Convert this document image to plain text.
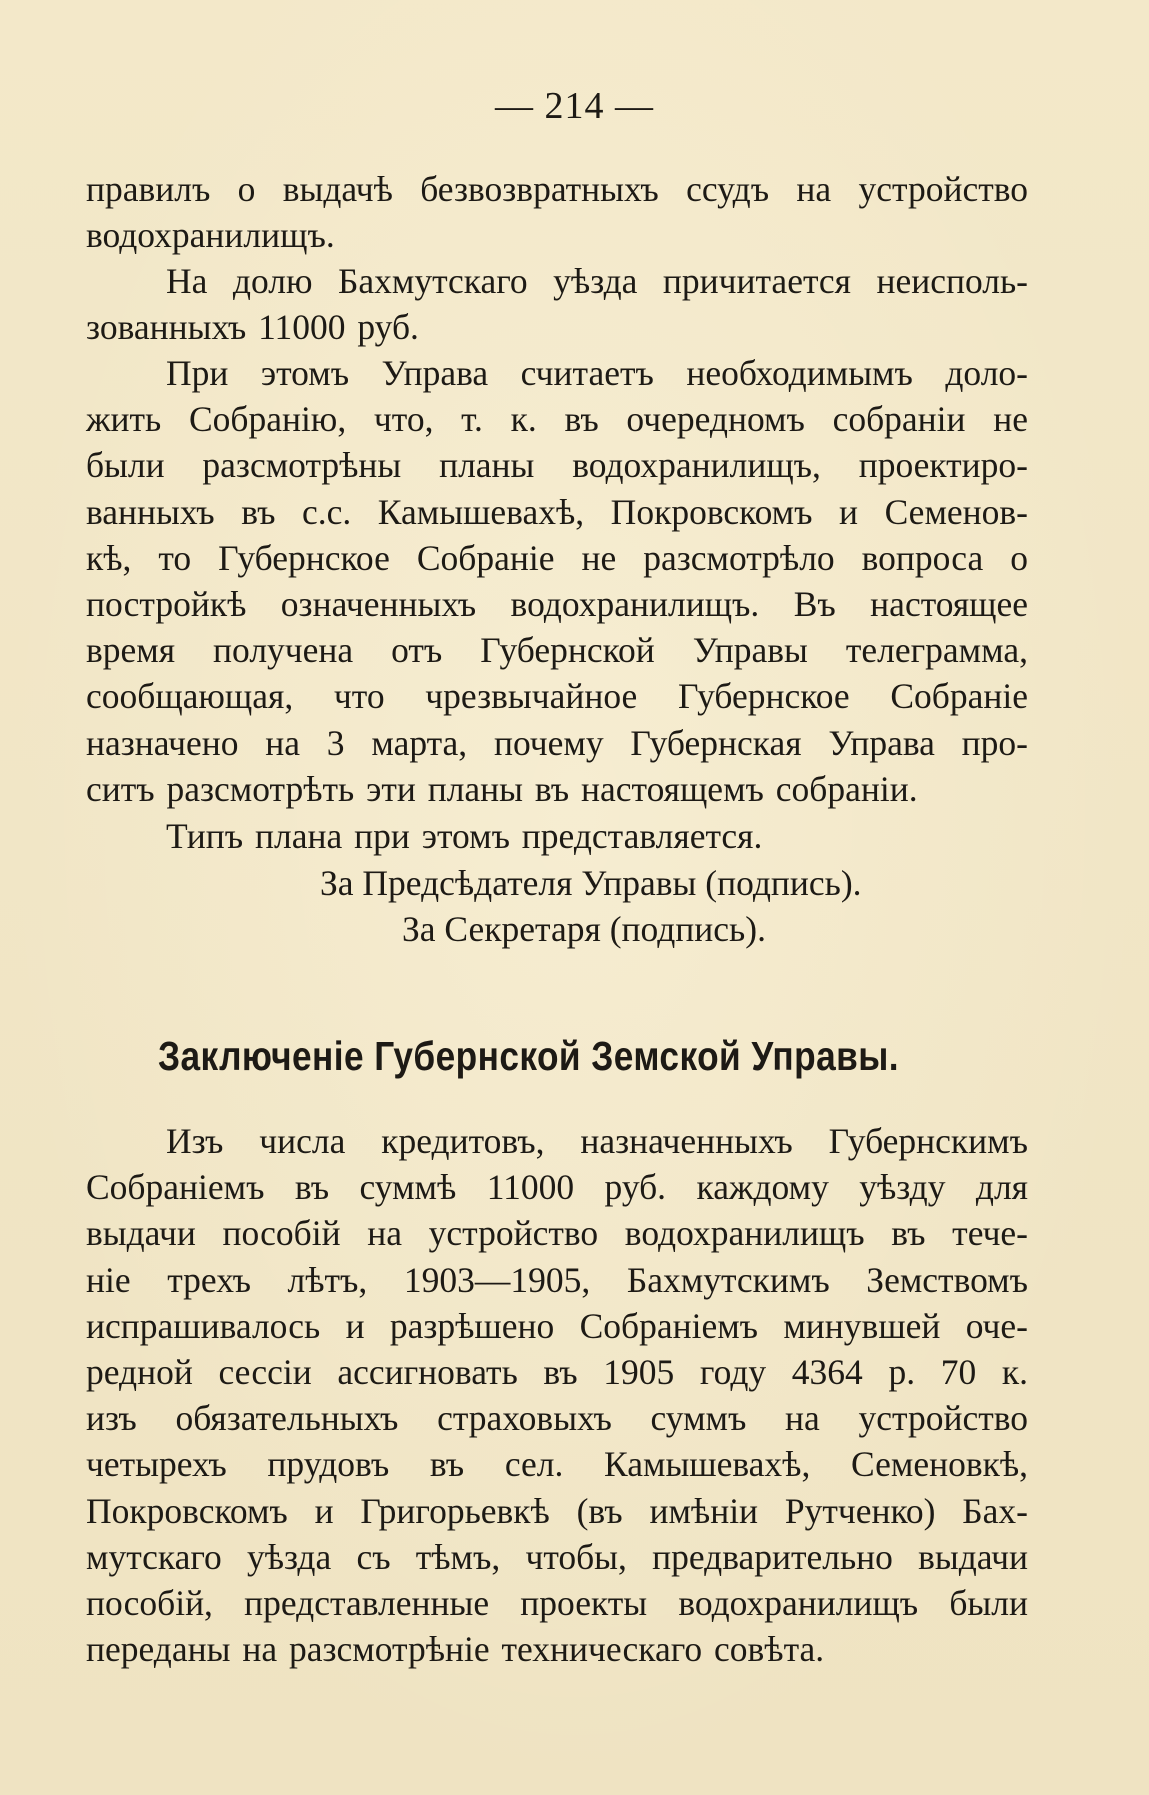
— 214 —
правилъ о выдачѣ безвозвратныхъ ссудъ на устройство
водохранилищъ.
На долю Бахмутскаго уѣзда причитается неисполь-
зованныхъ 11000 руб.
При этомъ Управа считаетъ необходимымъ доло-
жить Собранію, что, т. к. въ очередномъ собраніи не
были разсмотрѣны планы водохранилищъ, проектиро-
ванныхъ въ с.с. Камышевахѣ, Покровскомъ и Семенов-
кѣ, то Губернское Собраніе не разсмотрѣло вопроса о
постройкѣ означенныхъ водохранилищъ. Въ настоящее
время получена отъ Губернской Управы телеграмма,
сообщающая, что чрезвычайное Губернское Собраніе
назначено на 3 марта, почему Губернская Управа про-
ситъ разсмотрѣть эти планы въ настоящемъ собраніи.
Типъ плана при этомъ представляется.
За Предсѣдателя Управы (подпись).
За Секретаря (подпись).
Заключеніе Губернской Земской Управы.
Изъ числа кредитовъ, назначенныхъ Губернскимъ
Собраніемъ въ суммѣ 11000 руб. каждому уѣзду для
выдачи пособій на устройство водохранилищъ въ тече-
ніе трехъ лѣтъ, 1903—1905, Бахмутскимъ Земствомъ
испрашивалось и разрѣшено Собраніемъ минувшей оче-
редной сессіи ассигновать въ 1905 году 4364 р. 70 к.
изъ обязательныхъ страховыхъ суммъ на устройство
четырехъ прудовъ въ сел. Камышевахѣ, Семеновкѣ,
Покровскомъ и Григорьевкѣ (въ имѣніи Рутченко) Бах-
мутскаго уѣзда съ тѣмъ, чтобы, предварительно выдачи
пособій, представленные проекты водохранилищъ были
переданы на разсмотрѣніе техническаго совѣта.
